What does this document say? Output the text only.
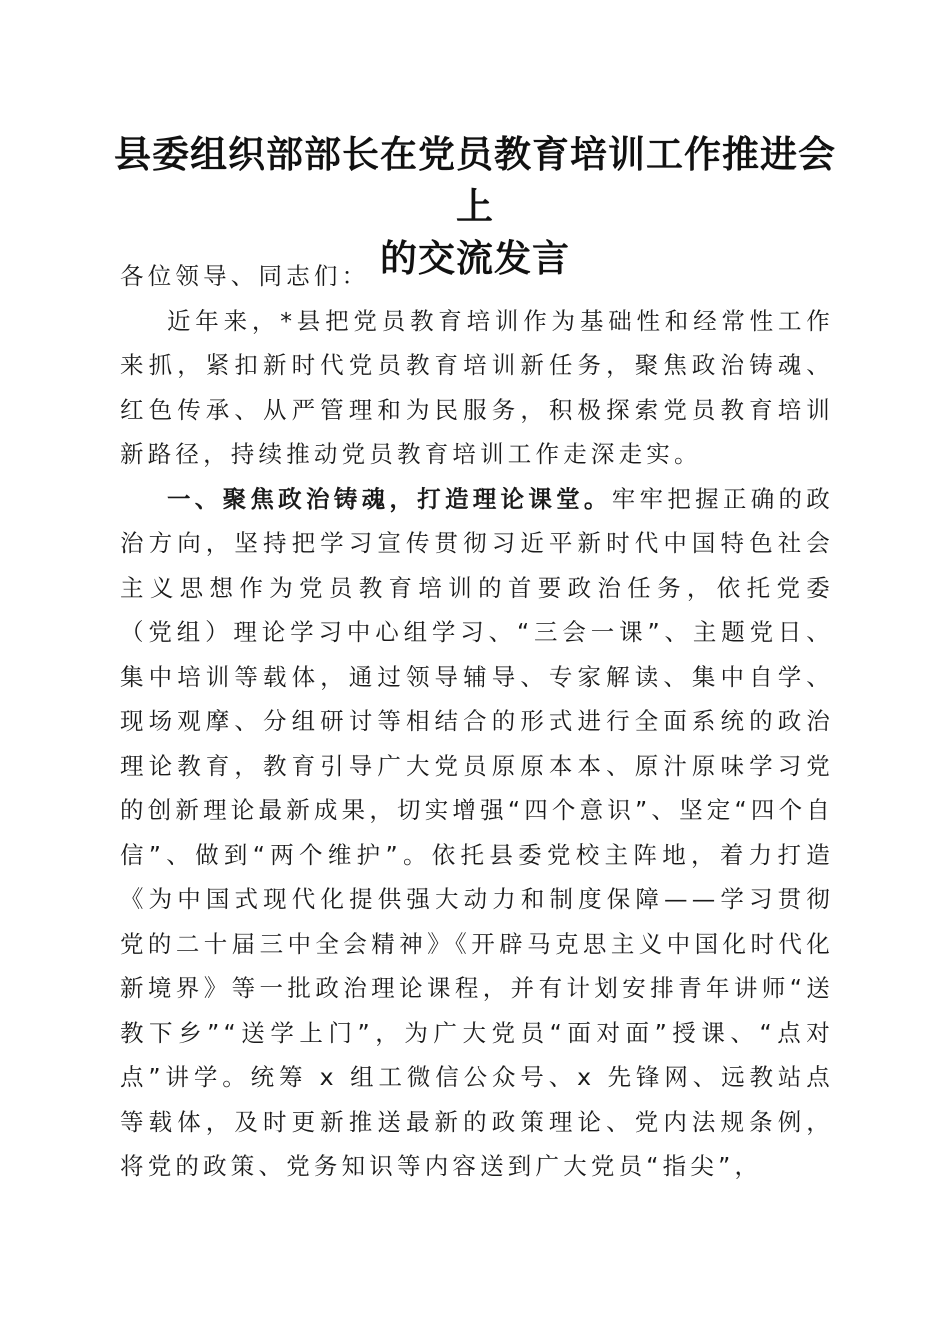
县委组织部部长在党员教育培训工作推进会上
的交流发言

各位领导、同志们：

近年来，*县把党员教育培训作为基础性和经常性工作来抓，紧扣新时代党员教育培训新任务，聚焦政治铸魂、红色传承、从严管理和为民服务，积极探索党员教育培训新路径，持续推动党员教育培训工作走深走实。

一、聚焦政治铸魂，打造理论课堂。牢牢把握正确的政治方向，坚持把学习宣传贯彻习近平新时代中国特色社会主义思想作为党员教育培训的首要政治任务，依托党委（党组）理论学习中心组学习、“三会一课”、主题党日、集中培训等载体，通过领导辅导、专家解读、集中自学、现场观摩、分组研讨等相结合的形式进行全面系统的政治理论教育，教育引导广大党员原原本本、原汁原味学习党的创新理论最新成果，切实增强“四个意识”、坚定“四个自信”、做到“两个维护”。依托县委党校主阵地，着力打造《为中国式现代化提供强大动力和制度保障——学习贯彻党的二十届三中全会精神》《开辟马克思主义中国化时代化新境界》等一批政治理论课程，并有计划安排青年讲师“送教下乡”“送学上门”，为广大党员“面对面”授课、“点对点”讲学。统筹 x 组工微信公众号、x 先锋网、远教站点等载体，及时更新推送最新的政策理论、党内法规条例，将党的政策、党务知识等内容送到广大党员“指尖”，
